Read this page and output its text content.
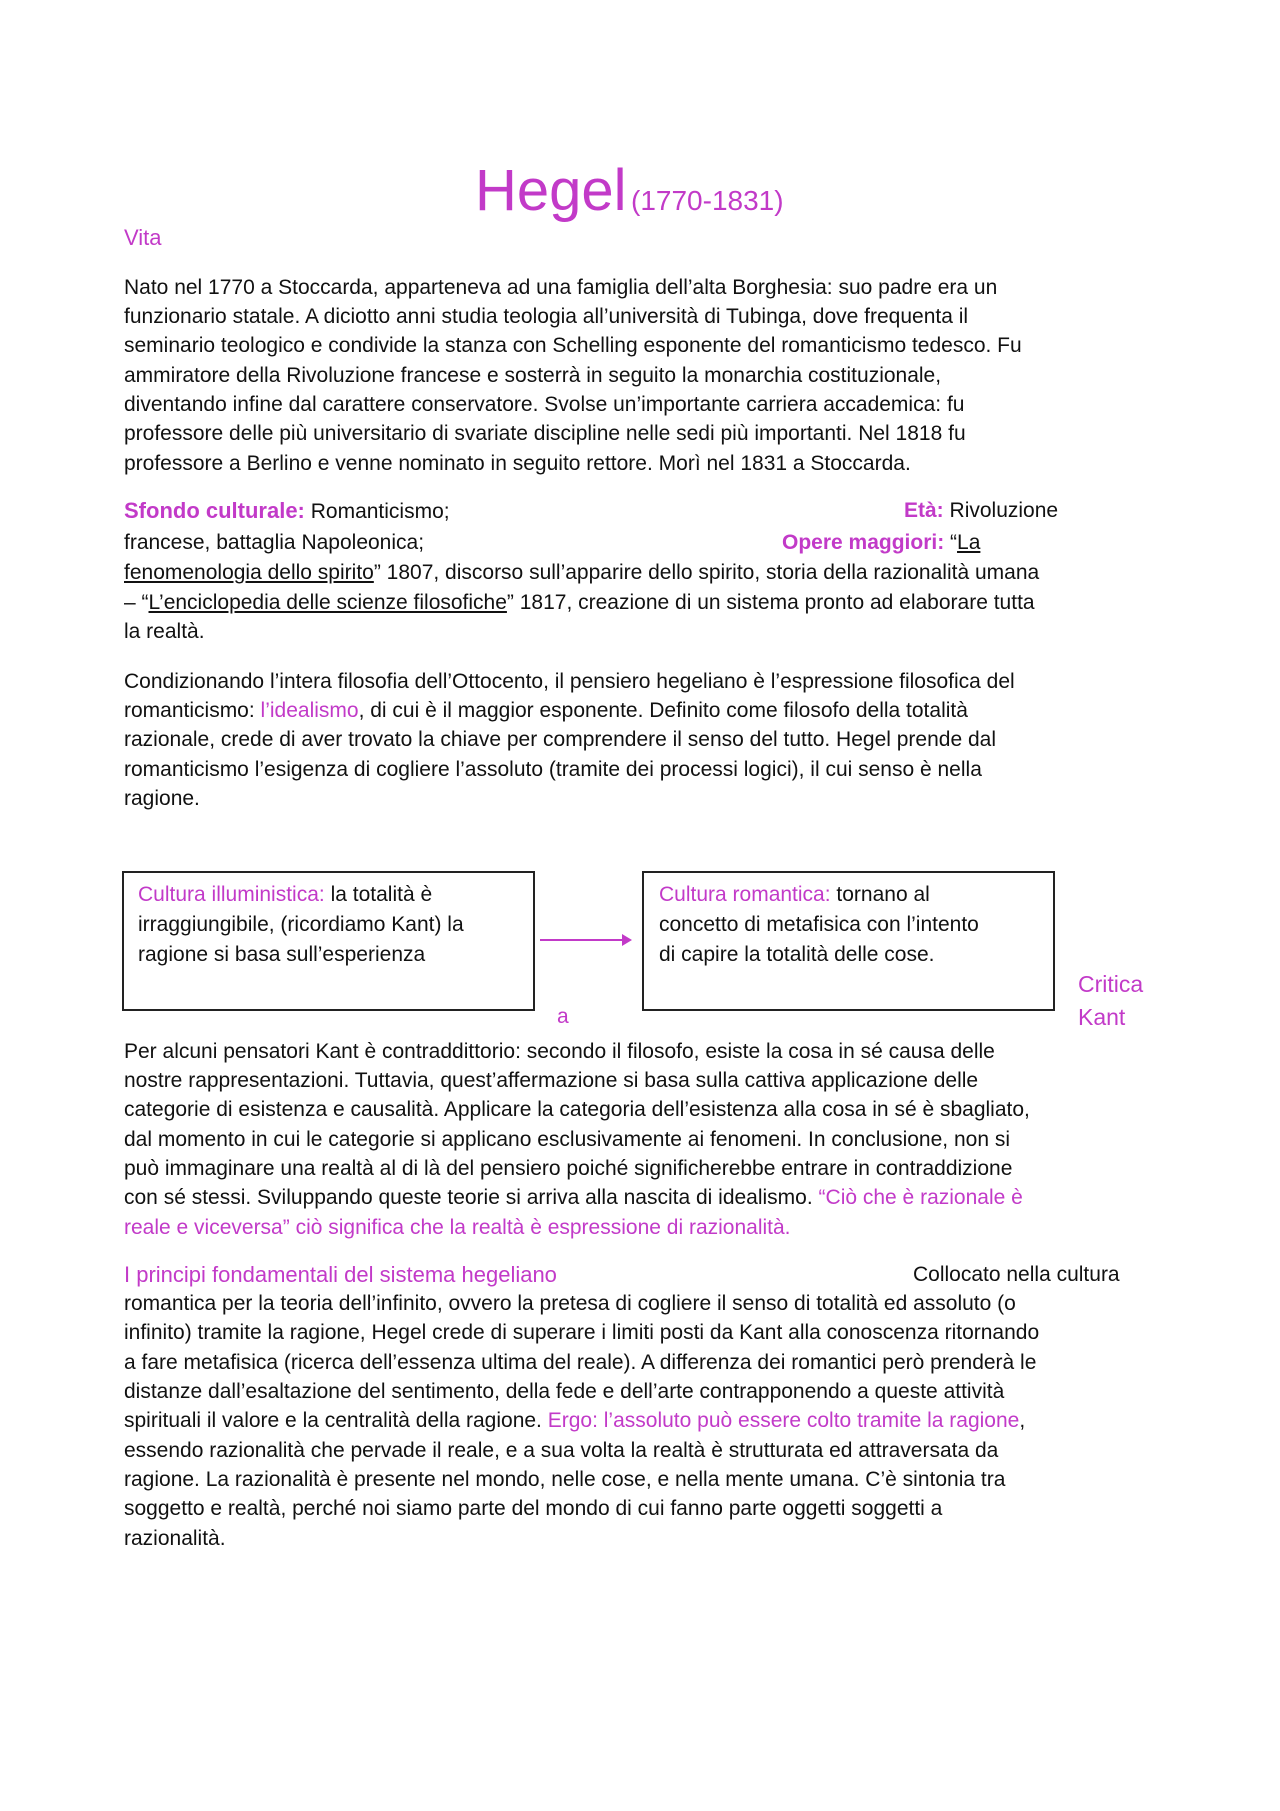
Hegel (1770-1831)
Vita
Nato nel 1770 a Stoccarda, apparteneva ad una famiglia dell’alta Borghesia: suo padre era un
funzionario statale. A diciotto anni studia teologia all’università di Tubinga, dove frequenta il
seminario teologico e condivide la stanza con Schelling esponente del romanticismo tedesco. Fu
ammiratore della Rivoluzione francese e sosterrà in seguito la monarchia costituzionale,
diventando infine dal carattere conservatore. Svolse un’importante carriera accademica: fu
professore delle più universitario di svariate discipline nelle sedi più importanti. Nel 1818 fu
professore a Berlino e venne nominato in seguito rettore. Morì nel 1831 a Stoccarda.
Sfondo culturale: Romanticismo;	Età: Rivoluzione
francese, battaglia Napoleonica;	Opere maggiori: “La
fenomenologia dello spirito” 1807, discorso sull’apparire dello spirito, storia della razionalità umana
– “L’enciclopedia delle scienze filosofiche” 1817, creazione di un sistema pronto ad elaborare tutta
la realtà.
Condizionando l’intera filosofia dell’Ottocento, il pensiero hegeliano è l’espressione filosofica del
romanticismo: l’idealismo, di cui è il maggior esponente. Definito come filosofo della totalità
razionale, crede di aver trovato la chiave per comprendere il senso del tutto. Hegel prende dal
romanticismo l’esigenza di cogliere l’assoluto (tramite dei processi logici), il cui senso è nella
ragione.
Cultura illuministica: la totalità è
irraggiungibile, (ricordiamo Kant) la
ragione si basa sull’esperienza
a
Cultura romantica: tornano al
concetto di metafisica con l’intento
di capire la totalità delle cose.
Critica
Kant
Per alcuni pensatori Kant è contraddittorio: secondo il filosofo, esiste la cosa in sé causa delle
nostre rappresentazioni. Tuttavia, quest’affermazione si basa sulla cattiva applicazione delle
categorie di esistenza e causalità. Applicare la categoria dell’esistenza alla cosa in sé è sbagliato,
dal momento in cui le categorie si applicano esclusivamente ai fenomeni. In conclusione, non si
può immaginare una realtà al di là del pensiero poiché significherebbe entrare in contraddizione
con sé stessi. Sviluppando queste teorie si arriva alla nascita di idealismo. “Ciò che è razionale è
reale e viceversa” ciò significa che la realtà è espressione di razionalità.
I principi fondamentali del sistema hegeliano	Collocato nella cultura
romantica per la teoria dell’infinito, ovvero la pretesa di cogliere il senso di totalità ed assoluto (o
infinito) tramite la ragione, Hegel crede di superare i limiti posti da Kant alla conoscenza ritornando
a fare metafisica (ricerca dell’essenza ultima del reale). A differenza dei romantici però prenderà le
distanze dall’esaltazione del sentimento, della fede e dell’arte contrapponendo a queste attività
spirituali il valore e la centralità della ragione. Ergo: l’assoluto può essere colto tramite la ragione,
essendo razionalità che pervade il reale, e a sua volta la realtà è strutturata ed attraversata da
ragione. La razionalità è presente nel mondo, nelle cose, e nella mente umana. C’è sintonia tra
soggetto e realtà, perché noi siamo parte del mondo di cui fanno parte oggetti soggetti a
razionalità.
